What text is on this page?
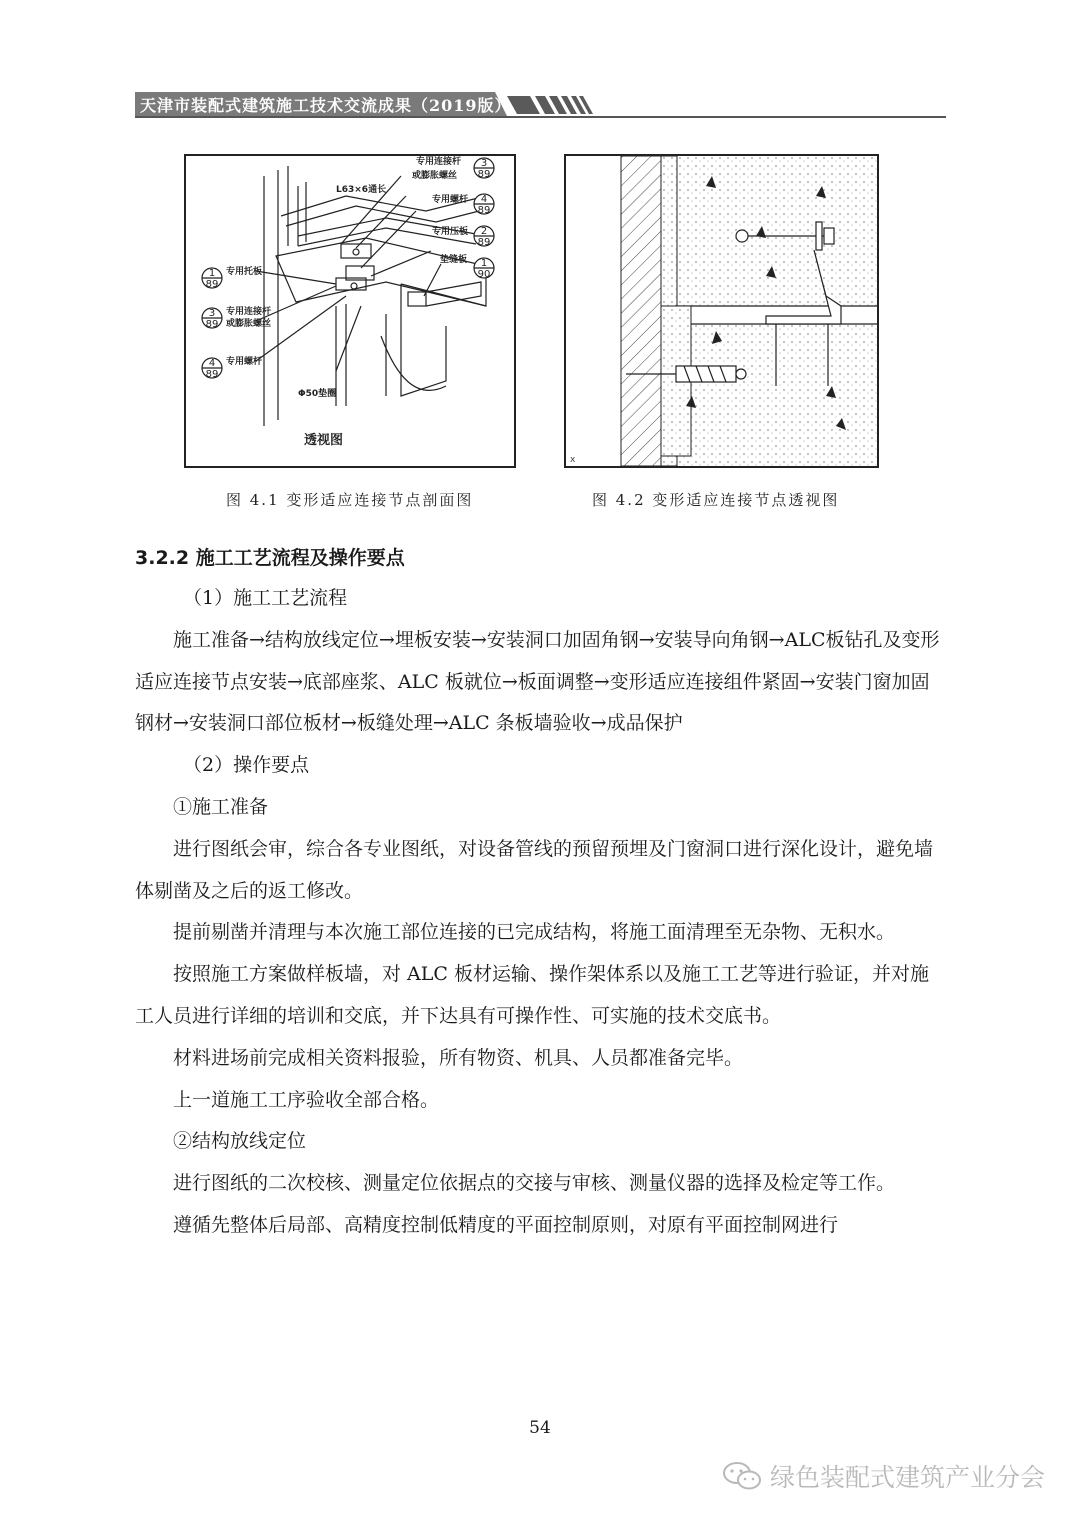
天津市装配式建筑施工技术交流成果（2019版）
3
89
4
89
2
89
1
90
1
89
3
89
4
89
专用连接杆
或膨胀螺丝
L63×6通长
专用螺杆
专用压板
垫缝板
专用托板
专用连接杆
或膨胀螺丝
专用螺杆
Φ50垫圈
透视图
x
图 4.1 变形适应连接节点剖面图	图 4.2 变形适应连接节点透视图
3.2.2 施工工艺流程及操作要点

（1）施工工艺流程

施工准备→结构放线定位→埋板安装→安装洞口加固角钢→安装导向角钢→ALC板钻孔及变形适应连接节点安装→底部座浆、ALC 板就位→板面调整→变形适应连接组件紧固→安装门窗加固钢材→安装洞口部位板材→板缝处理→ALC 条板墙验收→成品保护

（2）操作要点

①施工准备

进行图纸会审，综合各专业图纸，对设备管线的预留预埋及门窗洞口进行深化设计，避免墙体剔凿及之后的返工修改。

提前剔凿并清理与本次施工部位连接的已完成结构，将施工面清理至无杂物、无积水。

按照施工方案做样板墙，对 ALC 板材运输、操作架体系以及施工工艺等进行验证，并对施工人员进行详细的培训和交底，并下达具有可操作性、可实施的技术交底书。

材料进场前完成相关资料报验，所有物资、机具、人员都准备完毕。

上一道施工工序验收全部合格。

②结构放线定位

进行图纸的二次校核、测量定位依据点的交接与审核、测量仪器的选择及检定等工作。

遵循先整体后局部、高精度控制低精度的平面控制原则，对原有平面控制网进行

54
绿色装配式建筑产业分会
